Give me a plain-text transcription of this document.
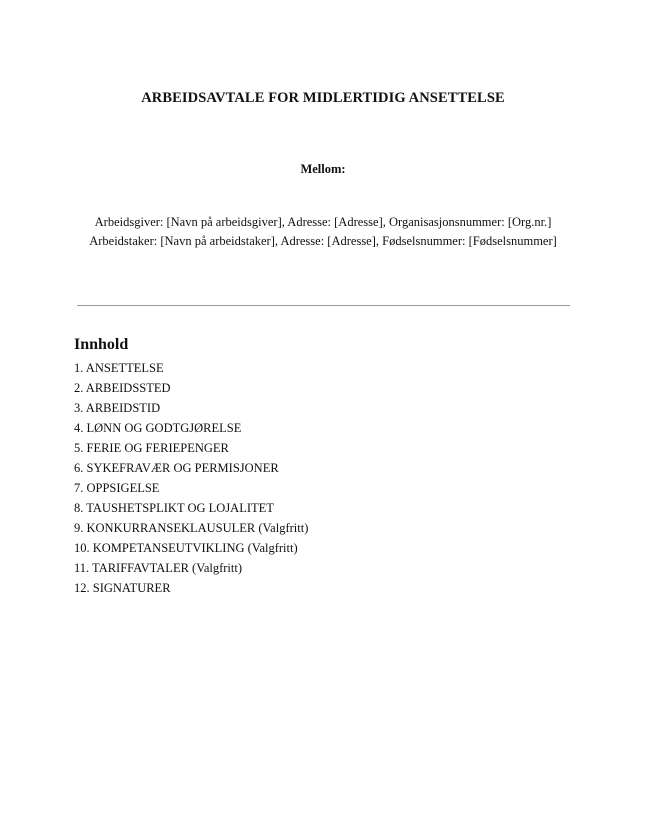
ARBEIDSAVTALE FOR MIDLERTIDIG ANSETTELSE
Mellom:
Arbeidsgiver: [Navn på arbeidsgiver], Adresse: [Adresse], Organisasjonsnummer: [Org.nr.]
Arbeidstaker: [Navn på arbeidstaker], Adresse: [Adresse], Fødselsnummer: [Fødselsnummer]
Innhold
1. ANSETTELSE
2. ARBEIDSSTED
3. ARBEIDSTID
4. LØNN OG GODTGJØRELSE
5. FERIE OG FERIEPENGER
6. SYKEFRAVÆR OG PERMISJONER
7. OPPSIGELSE
8. TAUSHETSPLIKT OG LOJALITET
9. KONKURRANSEKLAUSULER (Valgfritt)
10. KOMPETANSEUTVIKLING (Valgfritt)
11. TARIFFAVTALER (Valgfritt)
12. SIGNATURER
